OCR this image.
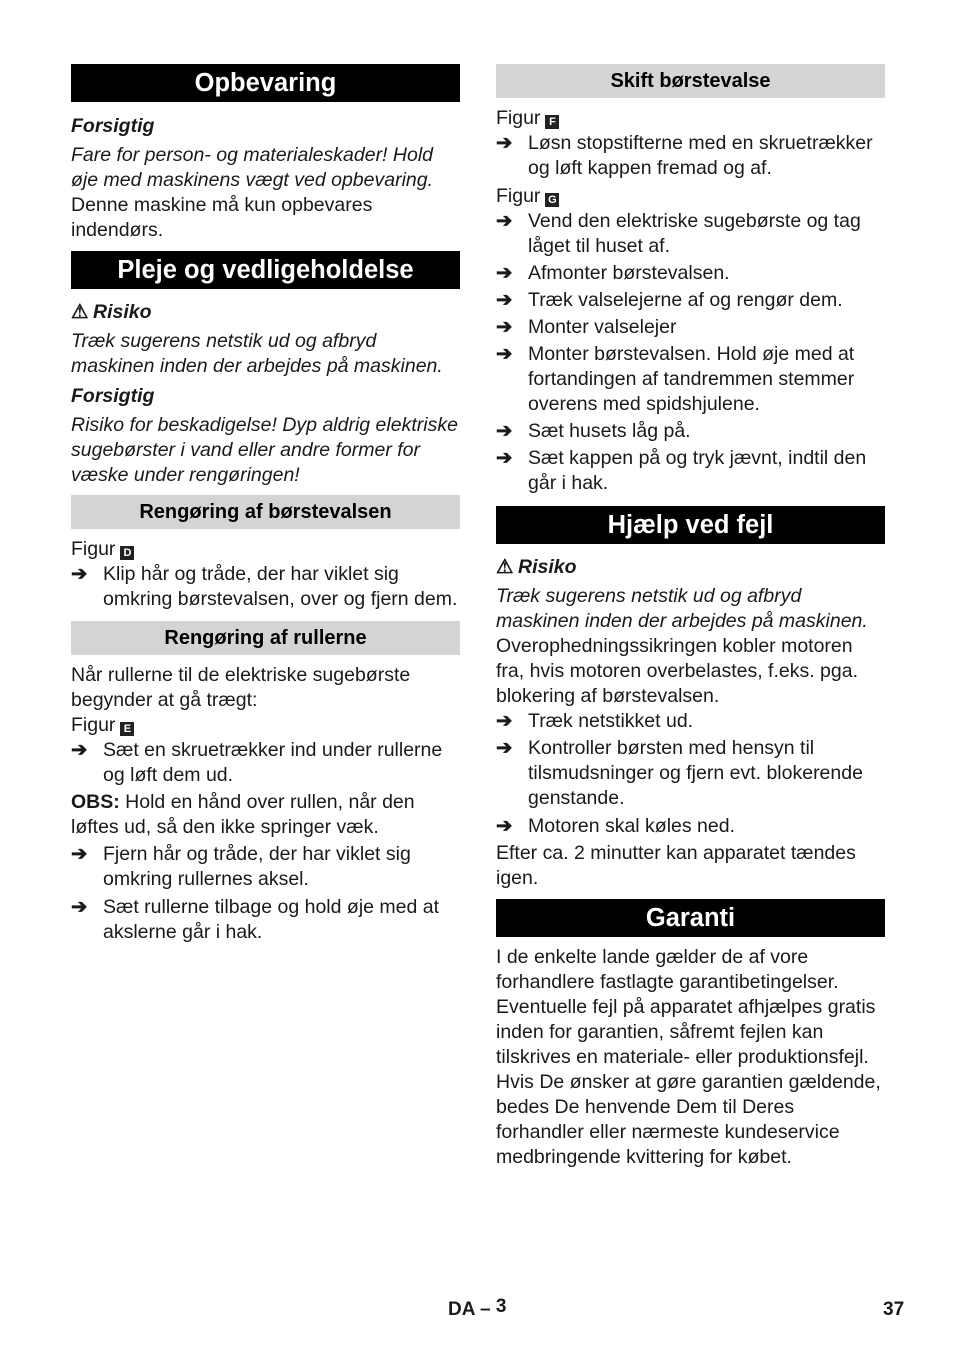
Opbevaring

Forsigtig

Fare for person- og materialeskader! Hold øje med maskinens vægt ved opbevaring.

Denne maskine må kun opbevares indendørs.

Pleje og vedligeholdelse

⚠ Risiko

Træk sugerens netstik ud og afbryd maskinen inden der arbejdes på maskinen.

Forsigtig

Risiko for beskadigelse! Dyp aldrig elektriske sugebørster i vand eller andre former for væske under rengøringen!

Rengøring af børstevalsen

Figur D

➔ Klip hår og tråde, der har viklet sig omkring børstevalsen, over og fjern dem.

Rengøring af rullerne

Når rullerne til de elektriske sugebørste begynder at gå trægt:

Figur E

➔ Sæt en skruetrækker ind under rullerne og løft dem ud.

OBS: Hold en hånd over rullen, når den løftes ud, så den ikke springer væk.

➔ Fjern hår og tråde, der har viklet sig omkring rullernes aksel.

➔ Sæt rullerne tilbage og hold øje med at akslerne går i hak.

Skift børstevalse

Figur F

➔ Løsn stopstifterne med en skruetrækker og løft kappen fremad og af.

Figur G

➔ Vend den elektriske sugebørste og tag låget til huset af.

➔ Afmonter børstevalsen.

➔ Træk valselejerne af og rengør dem.

➔ Monter valselejer

➔ Monter børstevalsen. Hold øje med at fortandingen af tandremmen stemmer overens med spidshjulene.

➔ Sæt husets låg på.

➔ Sæt kappen på og tryk jævnt, indtil den går i hak.

Hjælp ved fejl

⚠ Risiko

Træk sugerens netstik ud og afbryd maskinen inden der arbejdes på maskinen.

Overophedningssikringen kobler motoren fra, hvis motoren overbelastes, f.eks. pga. blokering af børstevalsen.

➔ Træk netstikket ud.

➔ Kontroller børsten med hensyn til tilsmudsninger og fjern evt. blokerende genstande.

➔ Motoren skal køles ned.

Efter ca. 2 minutter kan apparatet tændes igen.

Garanti

I de enkelte lande gælder de af vore forhandlere fastlagte garantibetingelser. Eventuelle fejl på apparatet afhjælpes gratis inden for garantien, såfremt fejlen kan tilskrives en materiale- eller produktionsfejl. Hvis De ønsker at gøre garantien gældende, bedes De henvende Dem til Deres forhandler eller nærmeste kundeservice medbringende kvittering for købet.

DA – 3	37
